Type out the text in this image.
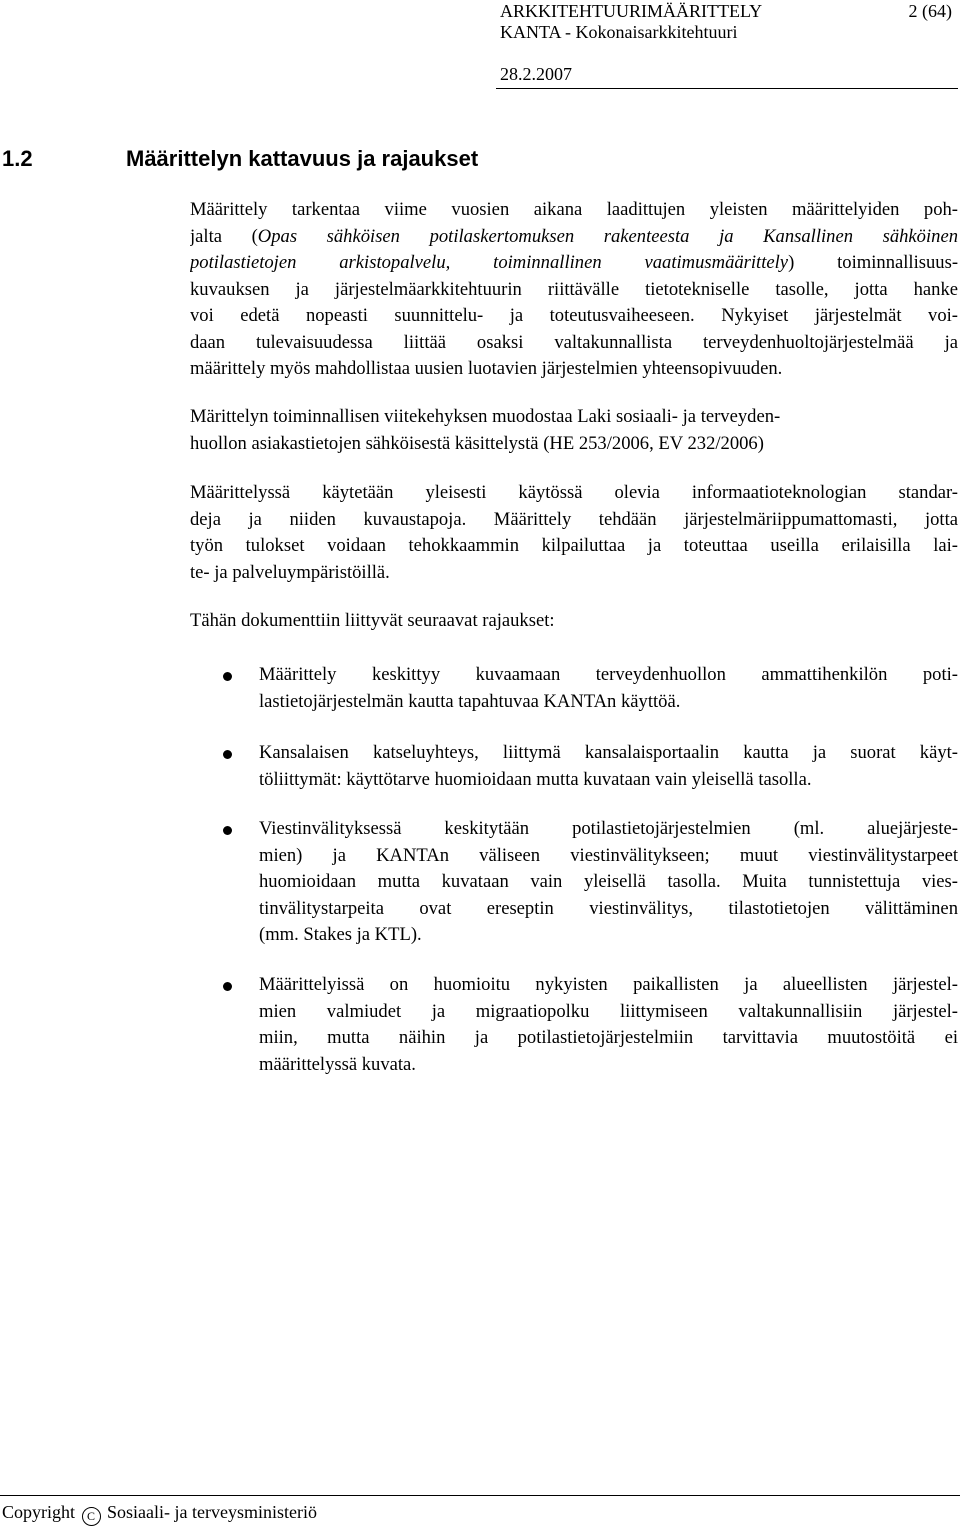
ARKKITEHTUURIMÄÄRITTELY
KANTA - Kokonaisarkkitehtuuri
2 (64)
28.2.2007
1.2	Määrittelyn kattavuus ja rajaukset
Määrittely tarkentaa viime vuosien aikana laadittujen yleisten määrittelyiden poh-
jalta (Opas sähköisen potilaskertomuksen rakenteesta ja Kansallinen sähköinen
potilastietojen arkistopalvelu, toiminnallinen vaatimusmäärittely) toiminnallisuus-
kuvauksen ja järjestelmäarkkitehtuurin riittävälle tietotekniselle tasolle, jotta hanke
voi edetä nopeasti suunnittelu- ja toteutusvaiheeseen. Nykyiset järjestelmät voi-
daan tulevaisuudessa liittää osaksi valtakunnallista terveydenhuoltojärjestelmää ja
määrittely myös mahdollistaa uusien luotavien järjestelmien yhteensopivuuden.
Märittelyn toiminnallisen viitekehyksen muodostaa Laki sosiaali- ja terveyden-
huollon asiakastietojen sähköisestä käsittelystä (HE 253/2006, EV 232/2006)
Määrittelyssä käytetään yleisesti käytössä olevia informaatioteknologian standar-
deja ja niiden kuvaustapoja. Määrittely tehdään järjestelmäriippumattomasti, jotta
työn tulokset voidaan tehokkaammin kilpailuttaa ja toteuttaa useilla erilaisilla lai-
te- ja palveluympäristöillä.
Tähän dokumenttiin liittyvät seuraavat rajaukset:
Määrittely keskittyy kuvaamaan terveydenhuollon ammattihenkilön poti-
lastietojärjestelmän kautta tapahtuvaa KANTAn käyttöä.
Kansalaisen katseluyhteys, liittymä kansalaisportaalin kautta ja suorat käyt-
töliittymät: käyttötarve huomioidaan mutta kuvataan vain yleisellä tasolla.
Viestinvälityksessä keskitytään potilastietojärjestelmien (ml. aluejärjeste-
mien) ja KANTAn väliseen viestinvälitykseen; muut viestinvälitystarpeet
huomioidaan mutta kuvataan vain yleisellä tasolla. Muita tunnistettuja vies-
tinvälitystarpeita ovat ereseptin viestinvälitys, tilastotietojen välittäminen
(mm. Stakes ja KTL).
Määrittelyissä on huomioitu nykyisten paikallisten ja alueellisten järjestel-
mien valmiudet ja migraatiopolku liittymiseen valtakunnallisiin järjestel-
miin, mutta näihin ja potilastietojärjestelmiin tarvittavia muutostöitä ei
määrittelyssä kuvata.
Copyright C Sosiaali- ja terveysministeriö
